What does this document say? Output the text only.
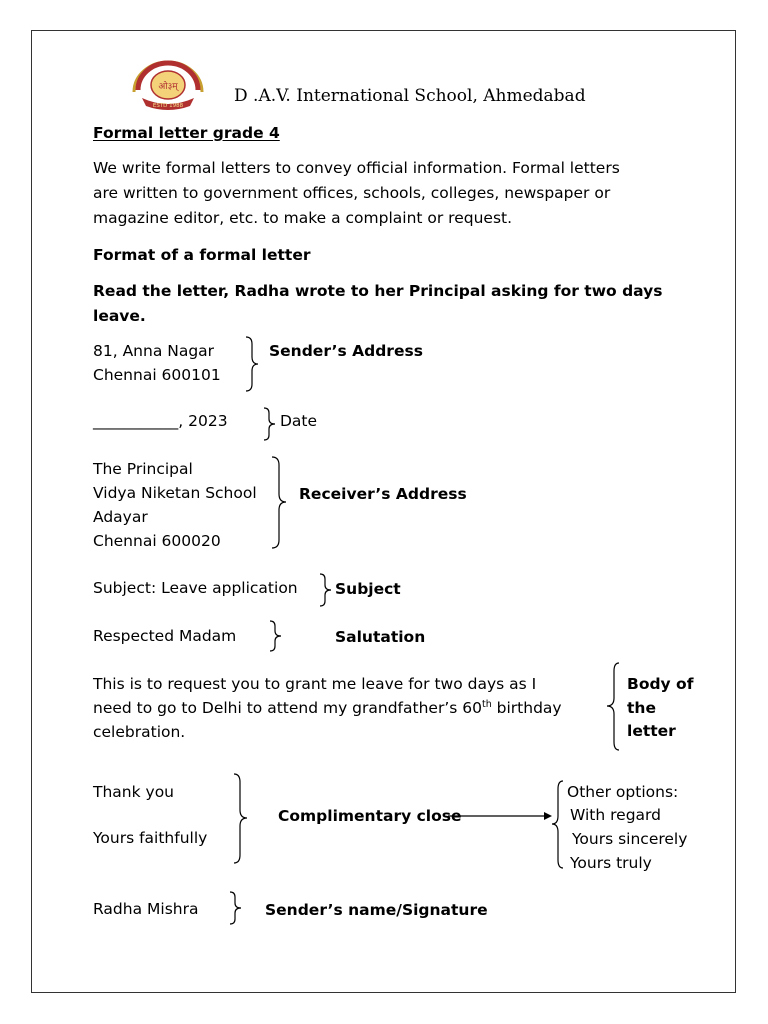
ओ३म्
ESTD 1988	D .A.V. International School, Ahmedabad
Formal letter grade 4
We write formal letters to convey official information. Formal letters
are written to government offices, schools, colleges, newspaper or
magazine editor, etc. to make a complaint or request.
Format of a formal letter
Read the letter, Radha wrote to her Principal asking for two days
leave.
81, Anna Nagar
Chennai 600101
Sender’s Address
___________, 2023	Date
The Principal
Vidya Niketan School
Adayar
Chennai 600020
Receiver’s Address
Subject: Leave application Subject
Respected Madam	Salutation
This is to request you to grant me leave for two days as I
need to go to Delhi to attend my grandfather’s 60th birthday
celebration.
Body of
the
letter
Thank you
Yours faithfully
Complimentary close
Other options:
With regard
Yours sincerely
Yours truly
Radha Mishra	Sender’s name/Signature
